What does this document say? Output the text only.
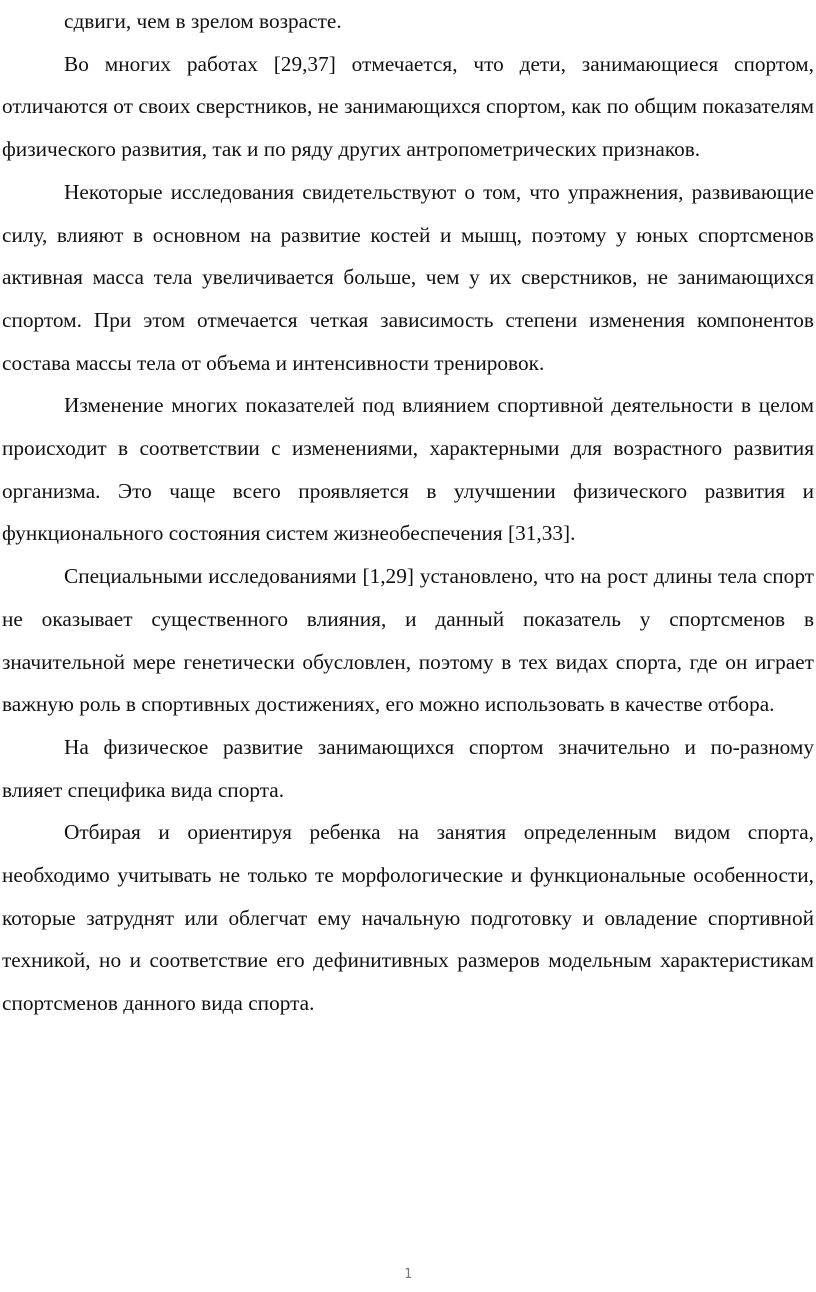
сдвиги, чем в зрелом возрасте.

Во многих работах [29,37] отмечается, что дети, занимающиеся спортом, отличаются от своих сверстников, не занимающихся спортом, как по общим показателям физического развития, так и по ряду других антропометрических признаков.

Некоторые исследования свидетельствуют о том, что упражнения, развивающие силу, влияют в основном на развитие костей и мышц, поэтому у юных спортсменов активная масса тела увеличивается больше, чем у их сверстников, не занимающихся спортом. При этом отмечается четкая зависимость степени изменения компонентов состава массы тела от объема и интенсивности тренировок.

Изменение многих показателей под влиянием спортивной деятельности в целом происходит в соответствии с изменениями, характерными для возрастного развития организма. Это чаще всего проявляется в улучшении физического развития и функционального состояния систем жизнеобеспечения [31,33].

Специальными исследованиями [1,29] установлено, что на рост длины тела спорт не оказывает существенного влияния, и данный показатель у спортсменов в значительной мере генетически обусловлен, поэтому в тех видах спорта, где он играет важную роль в спортивных достижениях, его можно использовать в качестве отбора.

На физическое развитие занимающихся спортом значительно и по-разному влияет специфика вида спорта.

Отбирая и ориентируя ребенка на занятия определенным видом спорта, необходимо учитывать не только те морфологические и функциональные особенности, которые затруднят или облегчат ему начальную подготовку и овладение спортивной техникой, но и соответствие его дефинитивных размеров модельным характеристикам спортсменов данного вида спорта.

1
